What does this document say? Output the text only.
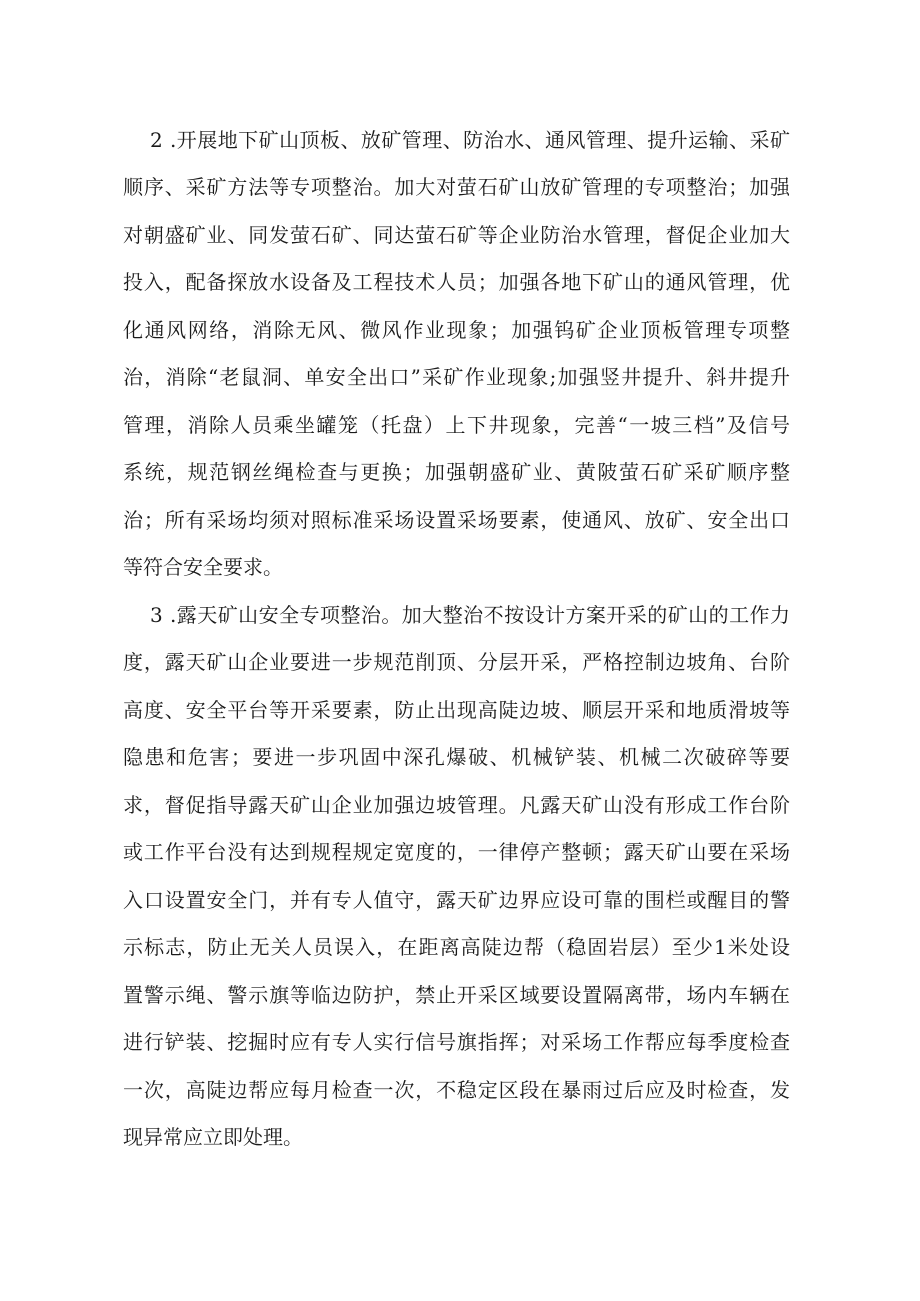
2 .开展地下矿山顶板、放矿管理、防治水、通风管理、提升运输、采矿
顺序、采矿方法等专项整治。加大对萤石矿山放矿管理的专项整治；加强
对朝盛矿业、同发萤石矿、同达萤石矿等企业防治水管理，督促企业加大
投入，配备探放水设备及工程技术人员；加强各地下矿山的通风管理，优
化通风网络，消除无风、微风作业现象；加强钨矿企业顶板管理专项整
治，消除“老鼠洞、单安全出口”采矿作业现象;加强竖井提升、斜井提升
管理，消除人员乘坐罐笼（托盘）上下井现象，完善“一坡三档”及信号
系统，规范钢丝绳检查与更换；加强朝盛矿业、黄陂萤石矿采矿顺序整
治；所有采场均须对照标准采场设置采场要素，使通风、放矿、安全出口
等符合安全要求。
3 .露天矿山安全专项整治。加大整治不按设计方案开采的矿山的工作力
度，露天矿山企业要进一步规范削顶、分层开采，严格控制边坡角、台阶
高度、安全平台等开采要素，防止出现高陡边坡、顺层开采和地质滑坡等
隐患和危害；要进一步巩固中深孔爆破、机械铲装、机械二次破碎等要
求，督促指导露天矿山企业加强边坡管理。凡露天矿山没有形成工作台阶
或工作平台没有达到规程规定宽度的，一律停产整顿；露天矿山要在采场
入口设置安全门，并有专人值守，露天矿边界应设可靠的围栏或醒目的警
示标志，防止无关人员误入，在距离高陡边帮（稳固岩层）至少1米处设
置警示绳、警示旗等临边防护，禁止开采区域要设置隔离带，场内车辆在
进行铲装、挖掘时应有专人实行信号旗指挥；对采场工作帮应每季度检查
一次，高陡边帮应每月检查一次，不稳定区段在暴雨过后应及时检查，发
现异常应立即处理。
